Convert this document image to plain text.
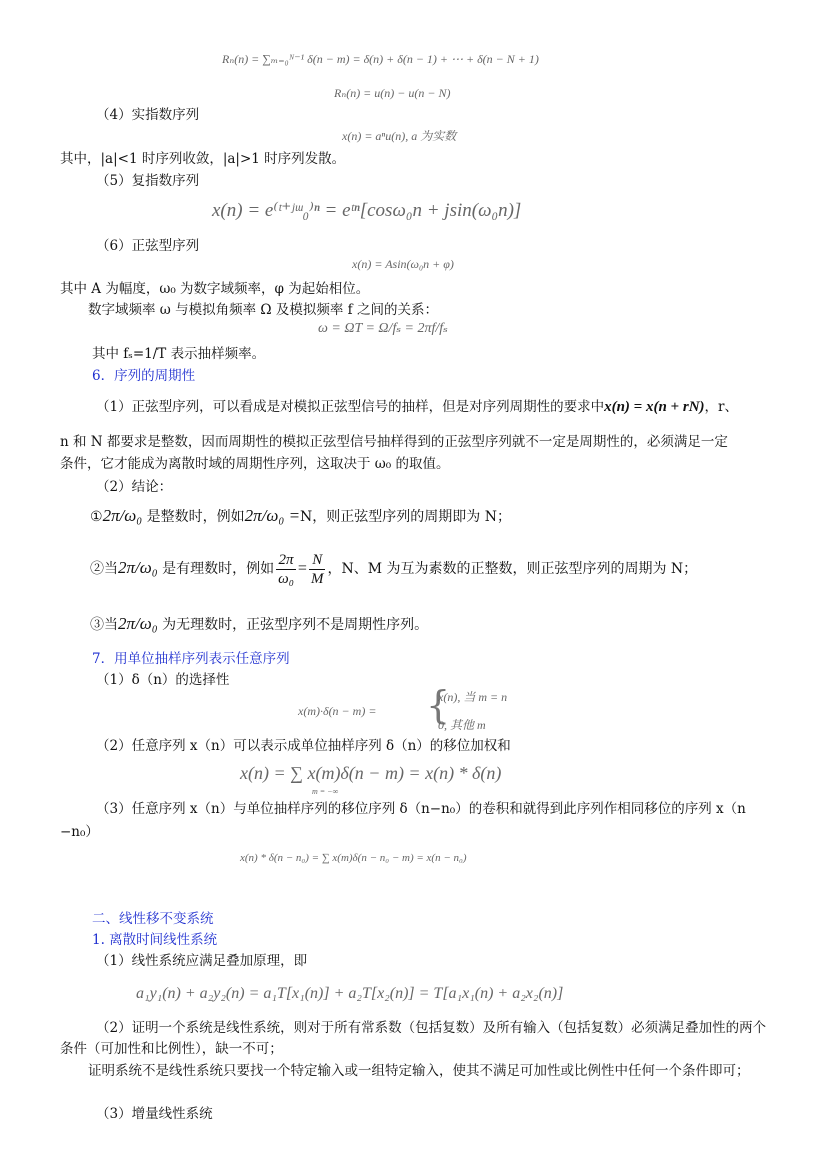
Rₙ(n) = ∑ₘ₌₀ᴺ⁻¹ δ(n − m) = δ(n) + δ(n − 1) + ⋯ + δ(n − N + 1)
Rₙ(n) = u(n) − u(n − N)
（4）实指数序列
x(n) = aⁿu(n), a 为实数
其中，|a|<1 时序列收敛，|a|>1 时序列发散。
（5）复指数序列
x(n) = e⁽ᵗ⁺ʲᵚ₀⁾ⁿ = eᵗⁿ[cosω₀n + jsin(ω₀n)]
（6）正弦型序列
x(n) = Asin(ω₀n + φ)
其中 A 为幅度，ω₀ 为数字域频率，φ 为起始相位。
数字域频率 ω 与模拟角频率 Ω 及模拟频率 f 之间的关系：
ω = ΩT = Ω/fₛ = 2πf/fₛ
其中 fₛ=1/T 表示抽样频率。
6．序列的周期性
（1）正弦型序列，可以看成是对模拟正弦型信号的抽样，但是对序列周期性的要求中x(n) = x(n + rN)，r、
n 和 N 都要求是整数，因而周期性的模拟正弦型信号抽样得到的正弦型序列就不一定是周期性的，必须满足一定
条件，它才能成为离散时域的周期性序列，这取决于 ω₀ 的取值。
（2）结论：
①2π/ω₀ 是整数时，例如2π/ω₀ =N，则正弦型序列的周期即为 N；
②当2π/ω₀ 是有理数时，例如 $\frac{2\pi}{\text{ω₀}} = \frac{N}{M}$ ，N、M 为互为素数的正整数，则正弦型序列的周期为 N；
③当2π/ω₀ 为无理数时，正弦型序列不是周期性序列。
7．用单位抽样序列表示任意序列
（1）δ（n）的选择性
x(m)·δ(n − m) = {
x(n), 当 m = n
0, 其他 m
（2）任意序列 x（n）可以表示成单位抽样序列 δ（n）的移位加权和
x(n) = ∑ x(m)δ(n − m) = x(n) * δ(n)
m = −∞
（3）任意序列 x（n）与单位抽样序列的移位序列 δ（n−n₀）的卷积和就得到此序列作相同移位的序列 x（n
−n₀）
x(n) * δ(n − n₀) = ∑ x(m)δ(n − n₀ − m) = x(n − n₀)
二、线性移不变系统
1. 离散时间线性系统
（1）线性系统应满足叠加原理，即
a₁y₁(n) + a₂y₂(n) = a₁T[x₁(n)] + a₂T[x₂(n)] = T[a₁x₁(n) + a₂x₂(n)]
（2）证明一个系统是线性系统，则对于所有常系数（包括复数）及所有输入（包括复数）必须满足叠加性的两个条件（可加性和比例性），缺一不可；
证明系统不是线性系统只要找一个特定输入或一组特定输入，使其不满足可加性或比例性中任何一个条件即可；
（3）增量线性系统
